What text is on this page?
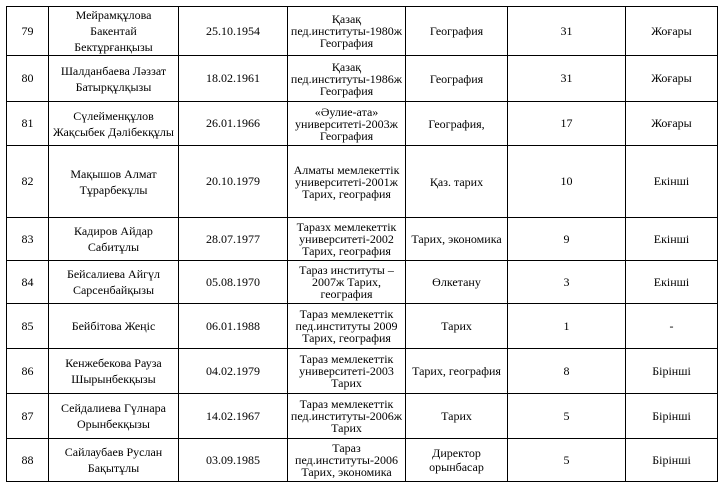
79	Мейрамқұлова Бакентай Бектұрғанқызы	25.10.1954	Қазақ пед.институты-1980ж География	География	31	Жоғары
80	Шалданбаева Ләззат Батырқұлқызы	18.02.1961	Қазақ пед.институты-1986ж География	География	31	Жоғары
81	Сүлейменқұлов Жақсыбек Дәлібекқұлы	26.01.1966	«Әулие-ата» университеті-2003ж География	География,	17	Жоғары
82	Мақышов Алмат Тұрарбекұлы	20.10.1979	Алматы мемлекеттік университеті-2001ж Тарих, география	Қаз. тарих	10	Екінші
83	Кадиров Айдар Сабитұлы	28.07.1977	Таразх мемлекеттік университеті-2002 Тарих, география	Тарих, экономика	9	Екінші
84	Бейсалиева Айгүл Сарсенбайқызы	05.08.1970	Тараз институты – 2007ж Тарих, география	Өлкетану	3	Екінші
85	Бейбітова Жеңіс	06.01.1988	Тараз мемлекеттік пед.институты 2009 Тарих, география	Тарих	1	-
86	Кенжебекова Рауза Шырынбекқызы	04.02.1979	Тараз мемлекеттік университеті-2003 Тарих	Тарих, география	8	Бірінші
87	Сейдалиева Гүлнара Орынбекқызы	14.02.1967	Тараз мемлекеттік пед.институты-2006ж Тарих	Тарих	5	Бірінші
88	Сайлаубаев Руслан Бақытұлы	03.09.1985	Тараз пед.институты-2006 Тарих, экономика	Директор орынбасар	5	Бірінші
